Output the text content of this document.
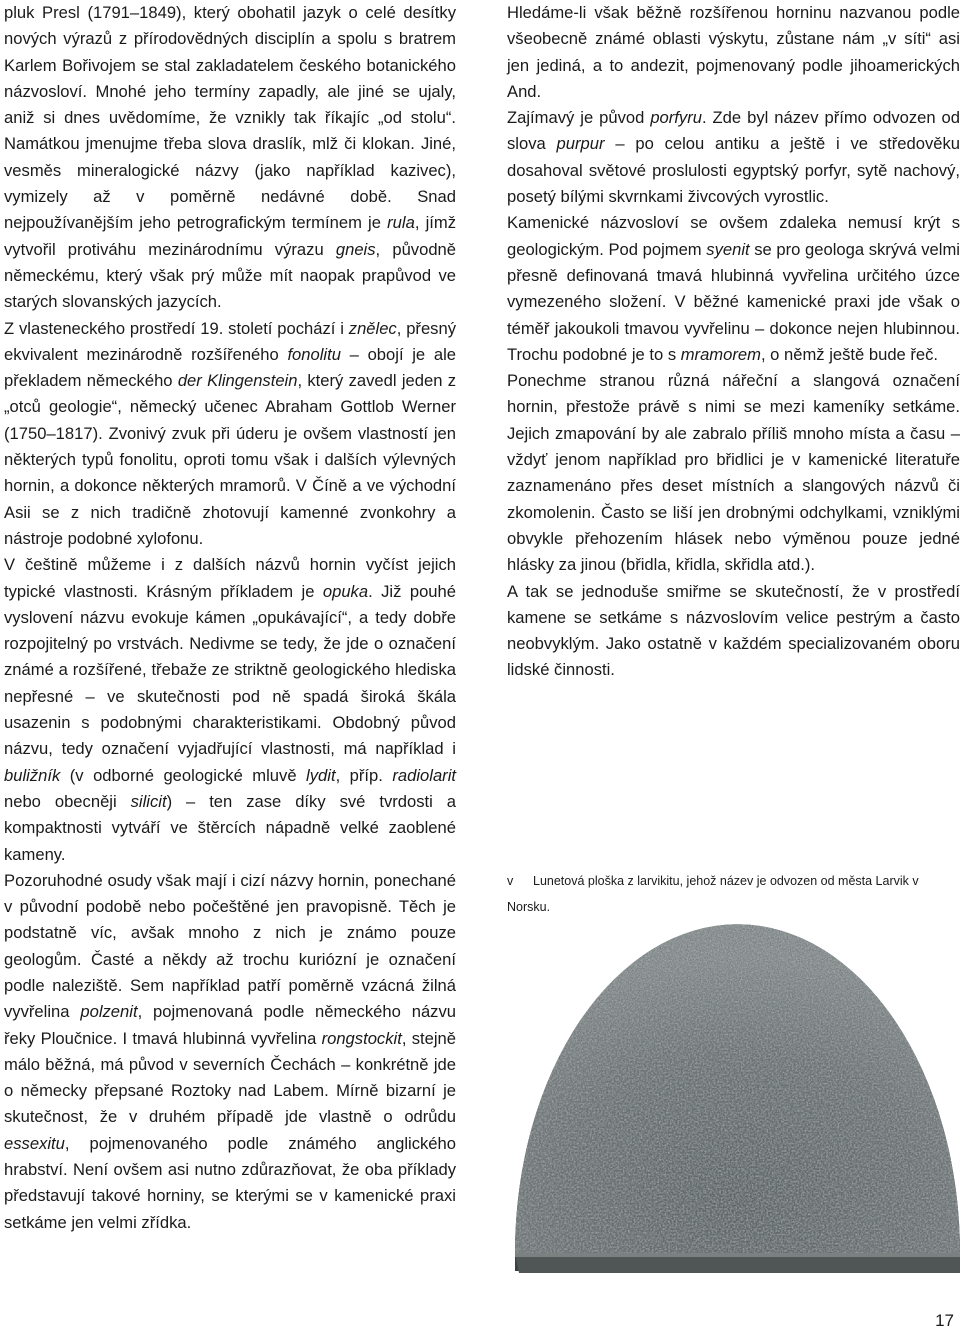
pluk Presl (1791–1849), který obohatil jazyk o celé desítky nových výrazů z přírodovědných disciplín a spolu s bratrem Karlem Bořivojem se stal zakladatelem českého botanického názvosloví. Mnohé jeho termíny zapadly, ale jiné se ujaly, aniž si dnes uvědomíme, že vznikly tak říkajíc „od stolu“. Namátkou jmenujme třeba slova draslík, mlž či klokan. Jiné, vesměs mineralogické názvy (jako například kazivec), vymizely až v poměrně nedávné době. Snad nejpoužívanějším jeho petrografickým termínem je rula, jímž vytvořil protiváhu mezinárodnímu výrazu gneis, původně německému, který však prý může mít naopak prapůvod ve starých slovanských jazycích.

Z vlasteneckého prostředí 19. století pochází i znělec, přesný ekvivalent mezinárodně rozšířeného fonolitu – obojí je ale překladem německého der Klingenstein, který zavedl jeden z „otců geologie“, německý učenec Abraham Gottlob Werner (1750–1817). Zvonivý zvuk při úderu je ovšem vlastností jen některých typů fonolitu, oproti tomu však i dalších výlevných hornin, a dokonce některých mramorů. V Číně a ve východní Asii se z nich tradičně zhotovují kamenné zvonkohry a nástroje podobné xylofonu.

V češtině můžeme i z dalších názvů hornin vyčíst jejich typické vlastnosti. Krásným příkladem je opuka. Již pouhé vyslovení názvu evokuje kámen „opukávající“, a tedy dobře rozpojitelný po vrstvách. Nedivme se tedy, že jde o označení známé a rozšířené, třebaže ze striktně geologického hlediska nepřesné – ve skutečnosti pod ně spadá široká škála usazenin s podobnými charakteristikami. Obdobný původ názvu, tedy označení vyjadřující vlastnosti, má například i buližník (v odborné geologické mluvě lydit, příp. radiolarit nebo obecněji silicit) – ten zase díky své tvrdosti a kompaktnosti vytváří ve štěrcích nápadně velké zaoblené kameny.

Pozoruhodné osudy však mají i cizí názvy hornin, ponechané v původní podobě nebo počeštěné jen pravopisně. Těch je podstatně víc, avšak mnoho z nich je známo pouze geologům. Časté a někdy až trochu kuriózní je označení podle naleziště. Sem například patří poměrně vzácná žilná vyvřelina polzenit, pojmenovaná podle německého názvu řeky Ploučnice. I tmavá hlubinná vyvřelina rongstockit, stejně málo běžná, má původ v severních Čechách – konkrétně jde o německy přepsané Roztoky nad Labem. Mírně bizarní je skutečnost, že v druhém případě jde vlastně o odrůdu essexitu, pojmenovaného podle známého anglického hrabství. Není ovšem asi nutno zdůrazňovat, že oba příklady představují takové horniny, se kterými se v kamenické praxi setkáme jen velmi zřídka.

Hledáme-li však běžně rozšířenou horninu nazvanou podle všeobecně známé oblasti výskytu, zůstane nám „v síti“ asi jen jediná, a to andezit, pojmenovaný podle jihoamerických And.

Zajímavý je původ porfyru. Zde byl název přímo odvozen od slova purpur – po celou antiku a ještě i ve středověku dosahoval světové proslulosti egyptský porfyr, sytě nachový, posetý bílými skvrnkami živcových vyrostlic.

Kamenické názvosloví se ovšem zdaleka nemusí krýt s geologickým. Pod pojmem syenit se pro geologa skrývá velmi přesně definovaná tmavá hlubinná vyvřelina určitého úzce vymezeného složení. V běžné kamenické praxi jde však o téměř jakoukoli tmavou vyvřelinu – dokonce nejen hlubinnou. Trochu podobné je to s mramorem, o němž ještě bude řeč.

Ponechme stranou různá nářeční a slangová označení hornin, přestože právě s nimi se mezi kameníky setkáme. Jejich zmapování by ale zabralo příliš mnoho místa a času – vždyť jenom například pro břidlici je v kamenické literatuře zaznamenáno přes deset místních a slangových názvů či zkomolenin. Často se liší jen drobnými odchylkami, vzniklými obvykle přehozením hlásek nebo výměnou pouze jedné hlásky za jinou (břidla, křidla, skřidla atd.).

A tak se jednoduše smiřme se skutečností, že v prostředí kamene se setkáme s názvoslovím velice pestrým a často neobvyklým. Jako ostatně v každém specializovaném oboru lidské činnosti.

v Lunetová ploška z larvikitu, jehož název je odvozen od města Larvik v Norsku.
17
